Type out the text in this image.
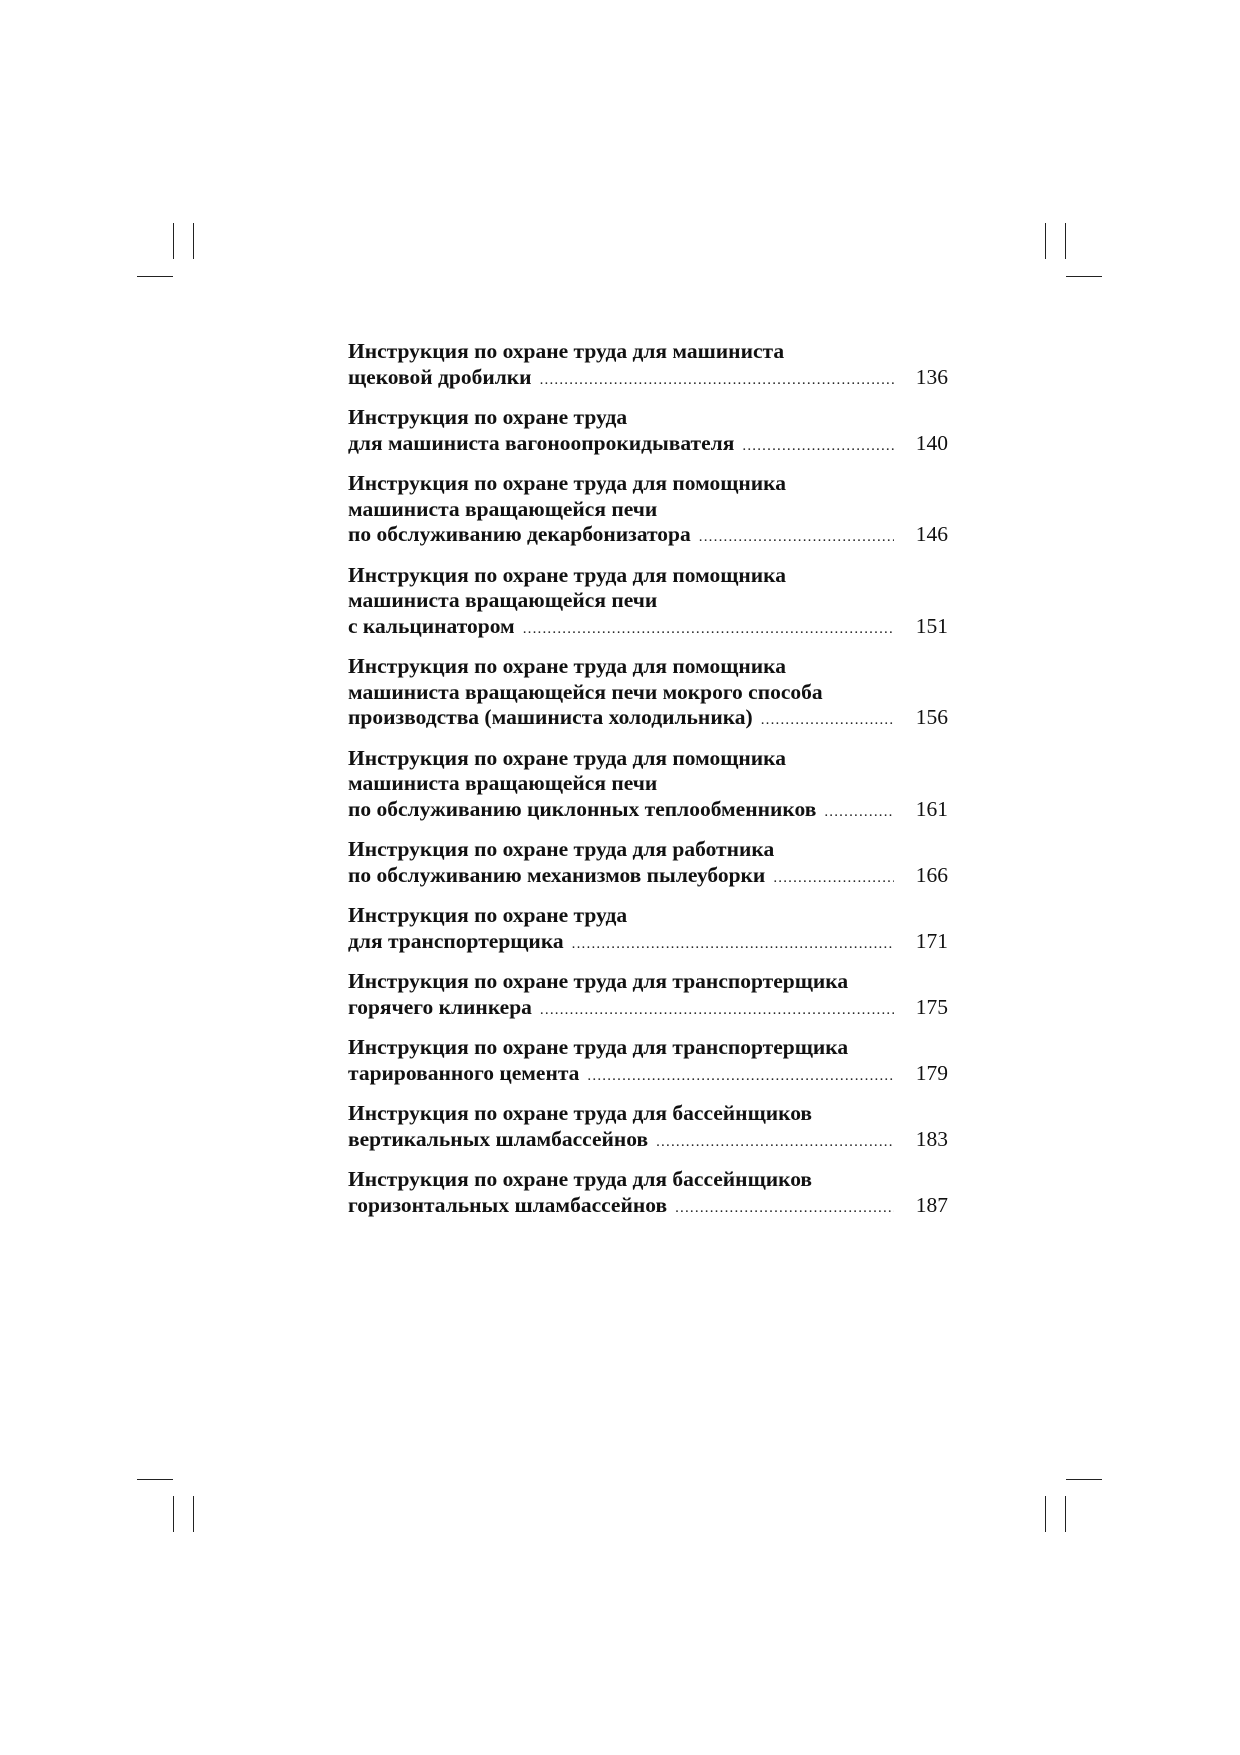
Инструкция по охране труда для машиниста
щековой дробилки .....	136
Инструкция по охране труда
для машиниста вагоноопрокидывателя .....	140
Инструкция по охране труда для помощника
машиниста вращающейся печи
по обслуживанию декарбонизатора .....	146
Инструкция по охране труда для помощника
машиниста вращающейся печи
с кальцинатором .....	151
Инструкция по охране труда для помощника
машиниста вращающейся печи мокрого способа
производства (машиниста холодильника) .....	156
Инструкция по охране труда для помощника
машиниста вращающейся печи
по обслуживанию циклонных теплообменников .....	161
Инструкция по охране труда для работника
по обслуживанию механизмов пылеуборки .....	166
Инструкция по охране труда
для транспортерщика .....	171
Инструкция по охране труда для транспортерщика
горячего клинкера .....	175
Инструкция по охране труда для транспортерщика
тарированного цемента .....	179
Инструкция по охране труда для бассейнщиков
вертикальных шламбассейнов .....	183
Инструкция по охране труда для бассейнщиков
горизонтальных шламбассейнов .....	187
